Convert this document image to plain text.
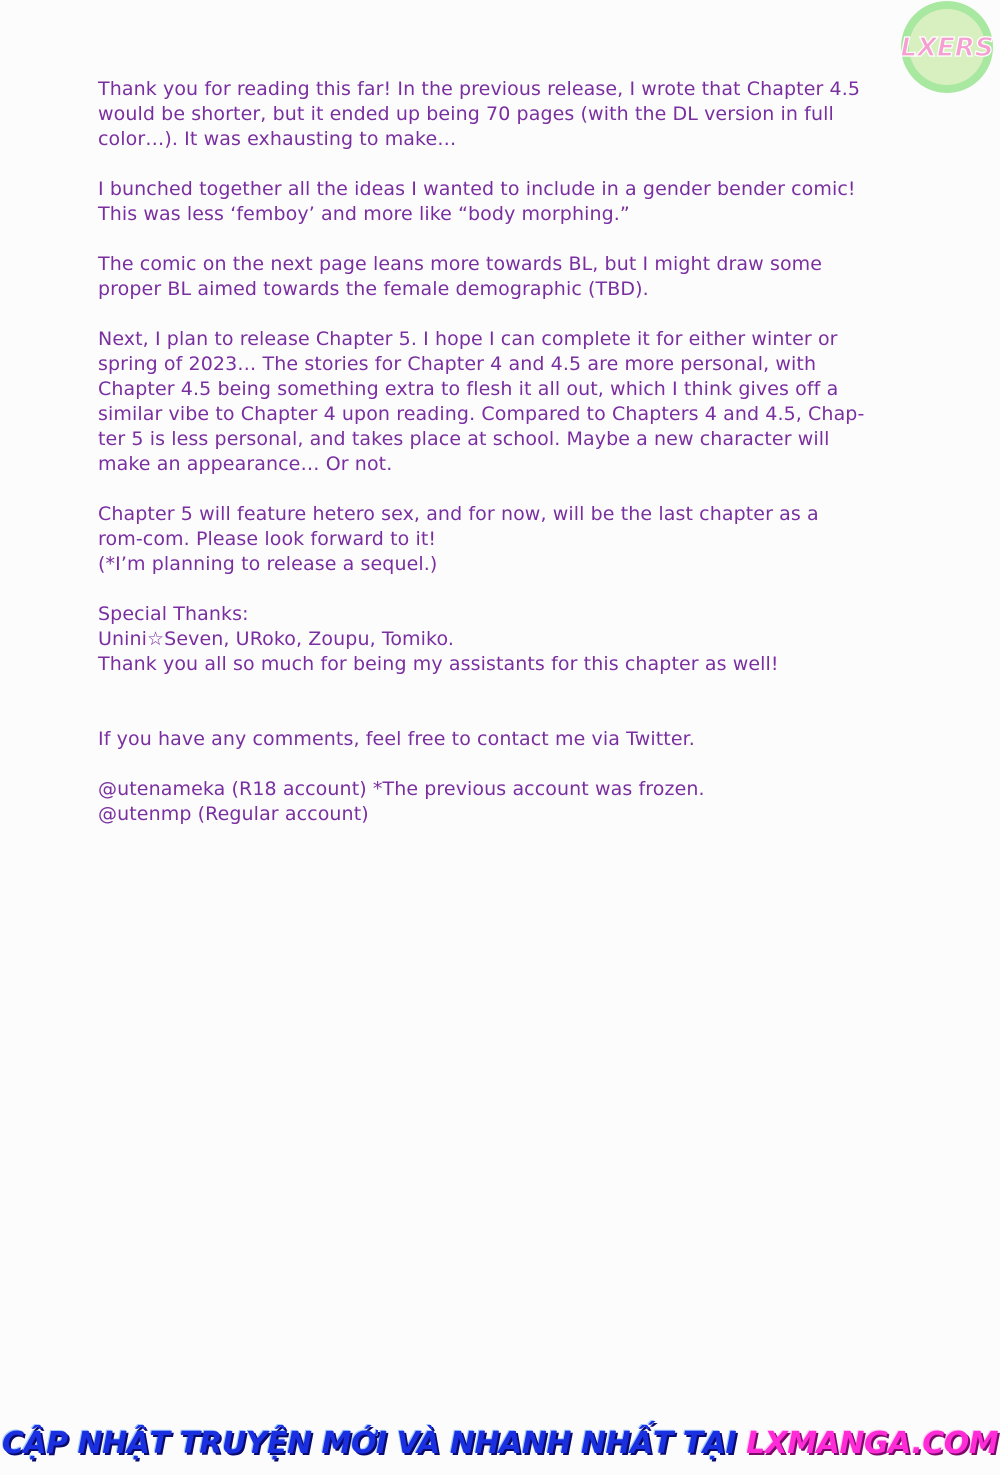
LXERS
Thank you for reading this far! In the previous release, I wrote that Chapter 4.5
would be shorter, but it ended up being 70 pages (with the DL version in full
color…). It was exhausting to make…
I bunched together all the ideas I wanted to include in a gender bender comic!
This was less ‘femboy’ and more like “body morphing.”
The comic on the next page leans more towards BL, but I might draw some
proper BL aimed towards the female demographic (TBD).
Next, I plan to release Chapter 5. I hope I can complete it for either winter or
spring of 2023… The stories for Chapter 4 and 4.5 are more personal, with
Chapter 4.5 being something extra to flesh it all out, which I think gives off a
similar vibe to Chapter 4 upon reading. Compared to Chapters 4 and 4.5, Chap-
ter 5 is less personal, and takes place at school. Maybe a new character will
make an appearance… Or not.
Chapter 5 will feature hetero sex, and for now, will be the last chapter as a
rom-com. Please look forward to it!
(*I’m planning to release a sequel.)
Special Thanks:
Unini☆Seven, URoko, Zoupu, Tomiko.
Thank you all so much for being my assistants for this chapter as well!
If you have any comments, feel free to contact me via Twitter.
@utenameka (R18 account) *The previous account was frozen.
@utenmp (Regular account)
CẬP NHẬT TRUYỆN MỚI VÀ NHANH NHẤT TẠI LXMANGA.COM
